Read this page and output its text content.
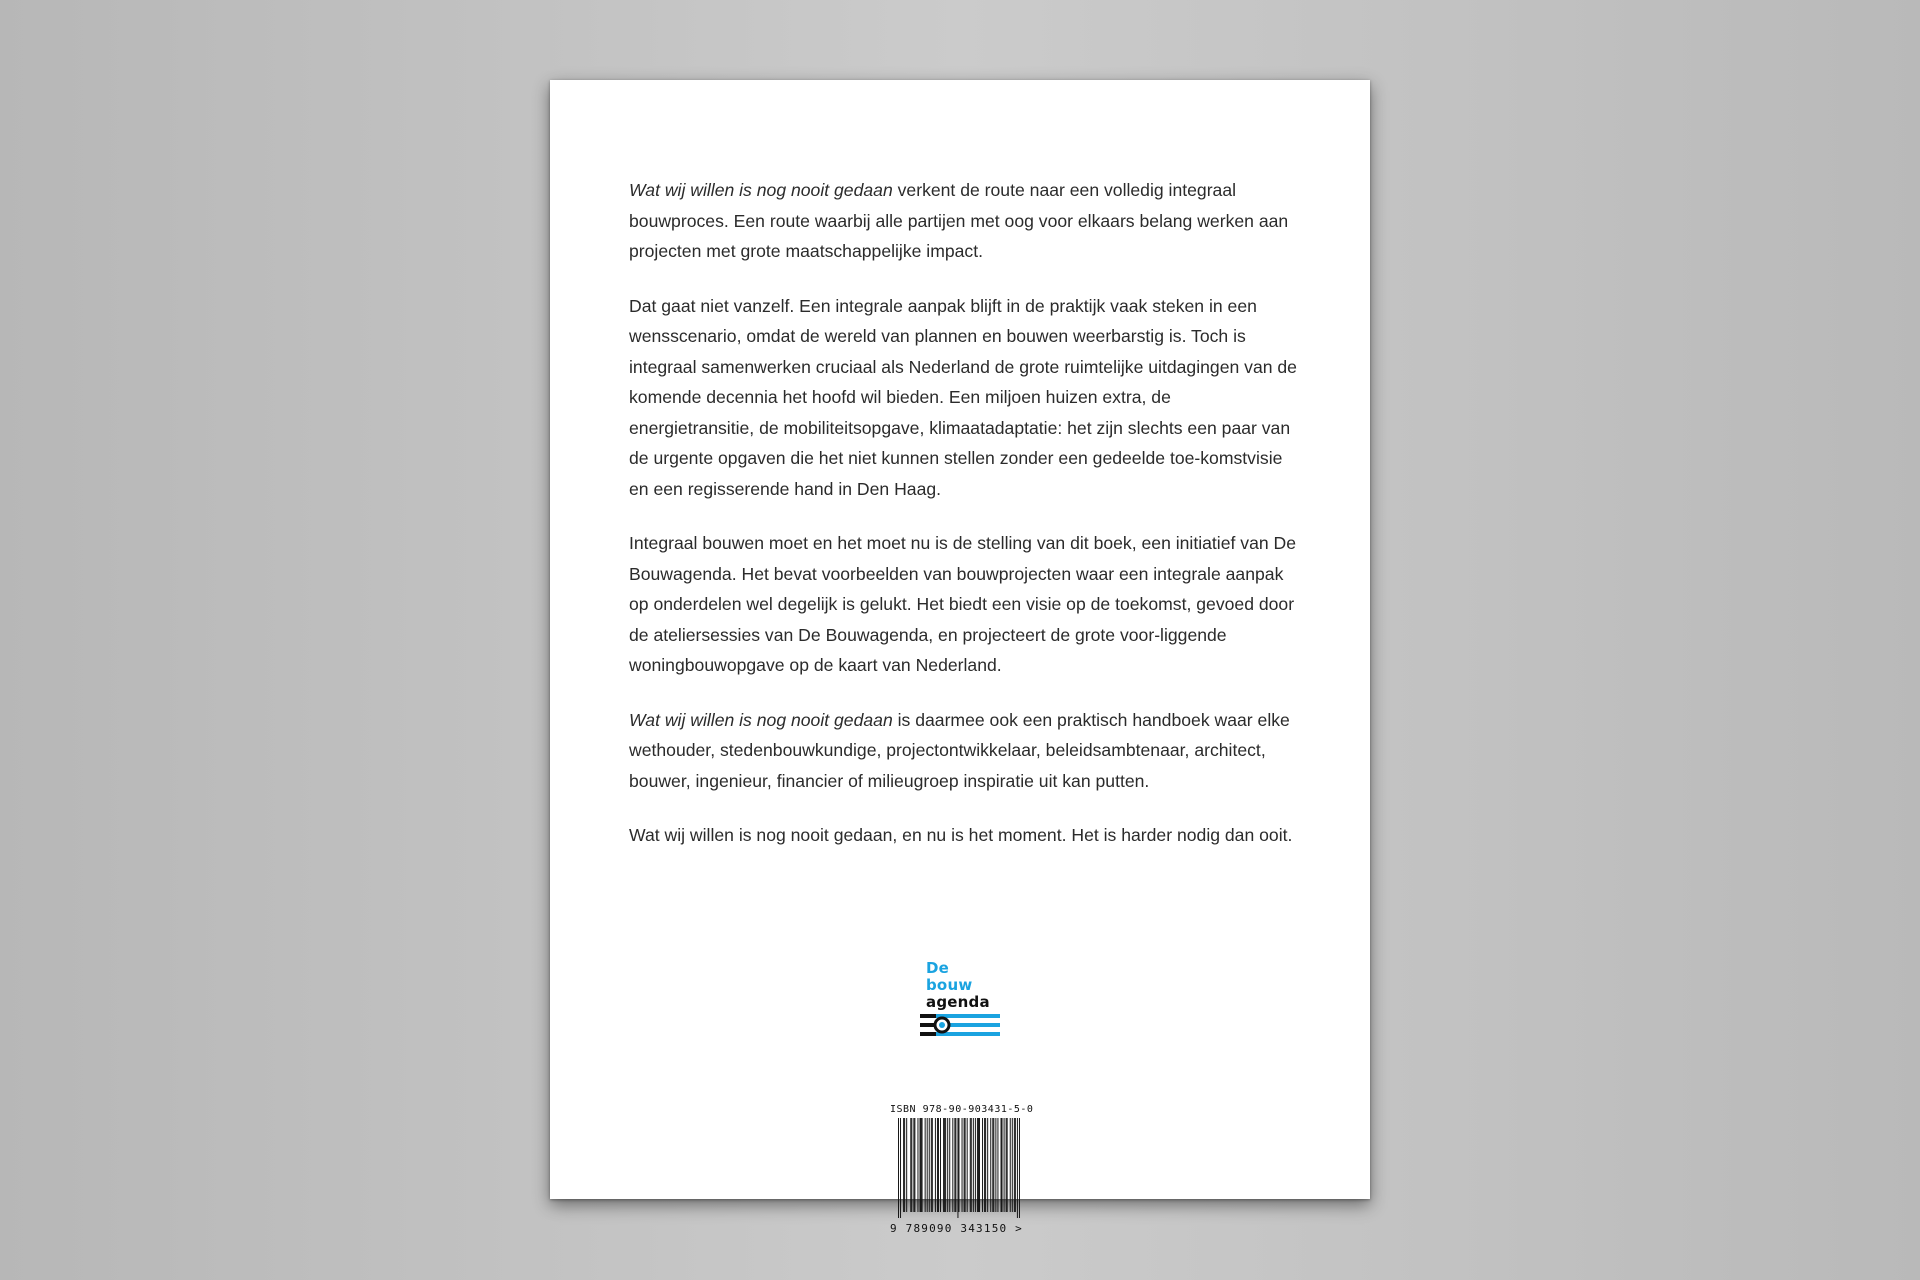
Wat wij willen is nog nooit gedaan verkent de route naar een volledig integraal bouwproces. Een route waarbij alle partijen met oog voor elkaars belang werken aan projecten met grote maatschappelijke impact.

Dat gaat niet vanzelf. Een integrale aanpak blijft in de praktijk vaak steken in een wensscenario, omdat de wereld van plannen en bouwen weerbarstig is. Toch is integraal samenwerken cruciaal als Nederland de grote ruimtelijke uitdagingen van de komende decennia het hoofd wil bieden. Een miljoen huizen extra, de energietransitie, de mobiliteitsopgave, klimaatadaptatie: het zijn slechts een paar van de urgente opgaven die het niet kunnen stellen zonder een gedeelde toe-komstvisie en een regisserende hand in Den Haag.

Integraal bouwen moet en het moet nu is de stelling van dit boek, een initiatief van De Bouwagenda. Het bevat voorbeelden van bouwprojecten waar een integrale aanpak op onderdelen wel degelijk is gelukt. Het biedt een visie op de toekomst, gevoed door de ateliersessies van De Bouwagenda, en projecteert de grote voor-liggende woningbouwopgave op de kaart van Nederland.

Wat wij willen is nog nooit gedaan is daarmee ook een praktisch handboek waar elke wethouder, stedenbouwkundige, projectontwikkelaar, beleidsambtenaar, architect, bouwer, ingenieur, financier of milieugroep inspiratie uit kan putten.

Wat wij willen is nog nooit gedaan, en nu is het moment. Het is harder nodig dan ooit.

De
bouw
agenda
ISBN 978-90-903431-5-0
9 789090 343150 >
